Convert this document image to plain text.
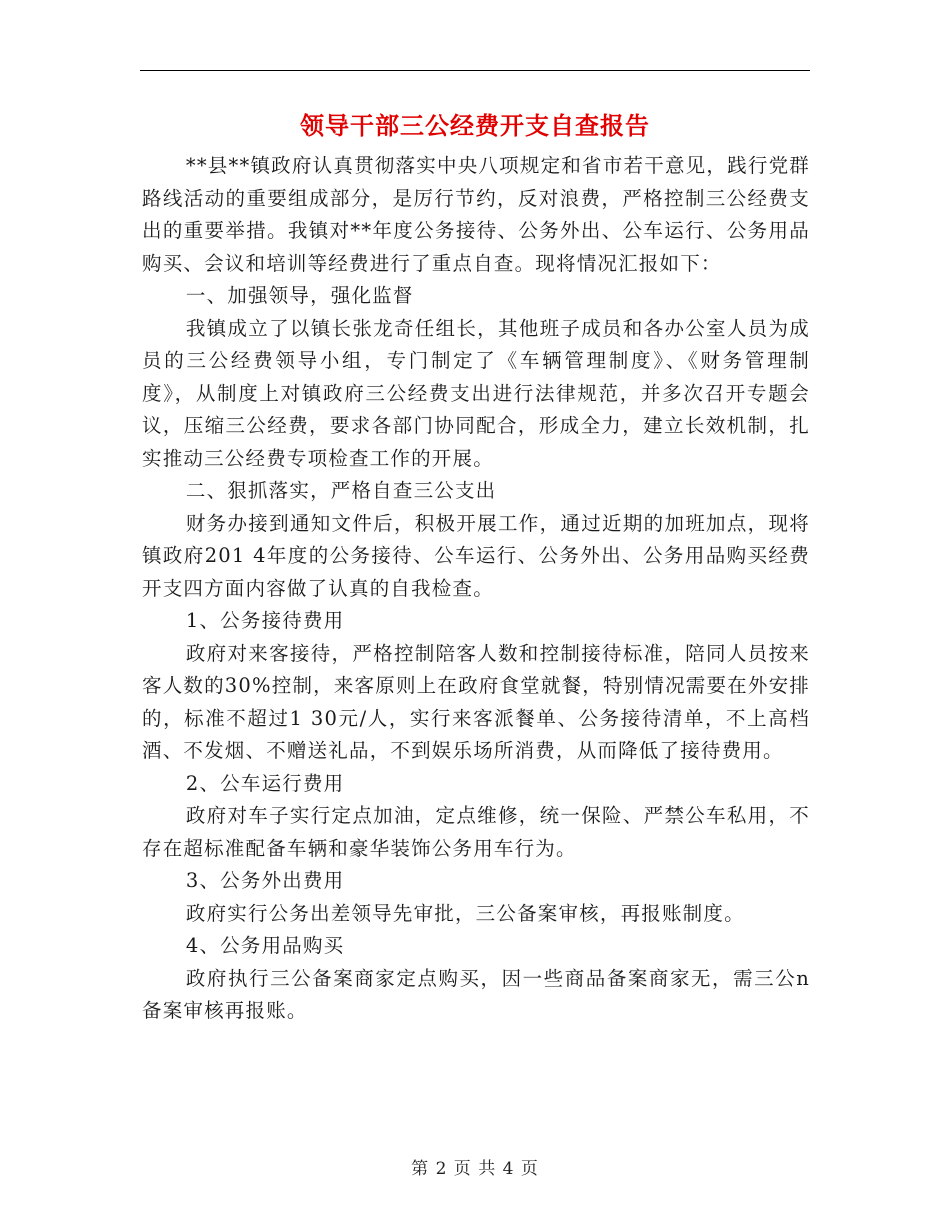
领导干部三公经费开支自查报告

**县**镇政府认真贯彻落实中央八项规定和省市若干意见，践行党群路线活动的重要组成部分，是厉行节约，反对浪费，严格控制三公经费支出的重要举措。我镇对**年度公务接待、公务外出、公车运行、公务用品购买、会议和培训等经费进行了重点自查。现将情况汇报如下：

一、加强领导，强化监督

我镇成立了以镇长张龙奇任组长，其他班子成员和各办公室人员为成员的三公经费领导小组，专门制定了《车辆管理制度》、《财务管理制度》，从制度上对镇政府三公经费支出进行法律规范，并多次召开专题会议，压缩三公经费，要求各部门协同配合，形成全力，建立长效机制，扎实推动三公经费专项检查工作的开展。

二、狠抓落实，严格自查三公支出

财务办接到通知文件后，积极开展工作，通过近期的加班加点，现将镇政府201 4年度的公务接待、公车运行、公务外出、公务用品购买经费开支四方面内容做了认真的自我检查。

1、公务接待费用

政府对来客接待，严格控制陪客人数和控制接待标准，陪同人员按来客人数的30%控制，来客原则上在政府食堂就餐，特别情况需要在外安排的，标准不超过1 30元/人，实行来客派餐单、公务接待清单，不上高档酒、不发烟、不赠送礼品，不到娱乐场所消费，从而降低了接待费用。

2、公车运行费用

政府对车子实行定点加油，定点维修，统一保险、严禁公车私用，不存在超标准配备车辆和豪华装饰公务用车行为。

3、公务外出费用

政府实行公务出差领导先审批，三公备案审核，再报账制度。

4、公务用品购买

政府执行三公备案商家定点购买，因一些商品备案商家无，需三公n备案审核再报账。

第 2 页 共 4 页
